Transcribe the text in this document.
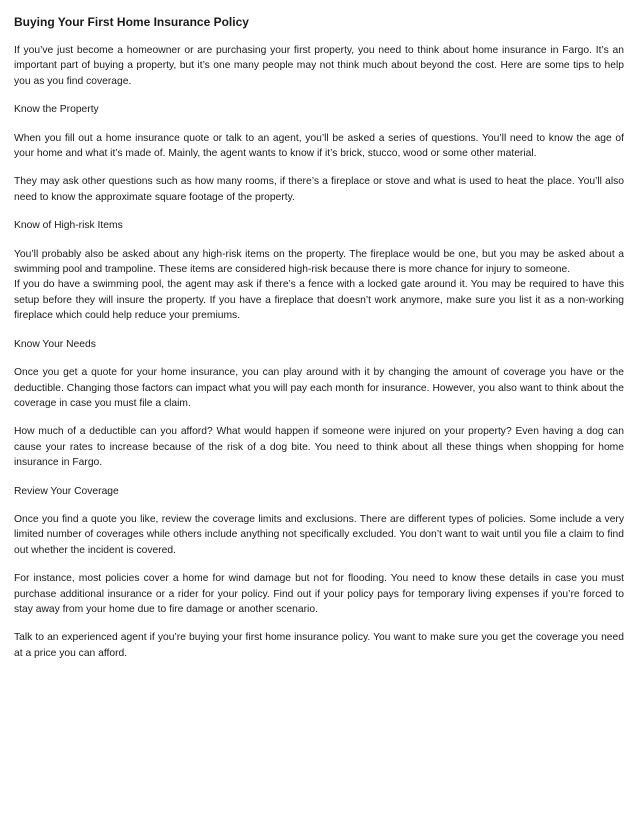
Buying Your First Home Insurance Policy

If you’ve just become a homeowner or are purchasing your first property, you need to think about home insurance in Fargo. It’s an important part of buying a property, but it’s one many people may not think much about beyond the cost. Here are some tips to help you as you find coverage.

Know the Property

When you fill out a home insurance quote or talk to an agent, you’ll be asked a series of questions. You’ll need to know the age of your home and what it’s made of. Mainly, the agent wants to know if it’s brick, stucco, wood or some other material.

They may ask other questions such as how many rooms, if there’s a fireplace or stove and what is used to heat the place. You’ll also need to know the approximate square footage of the property.

Know of High-risk Items

You’ll probably also be asked about any high-risk items on the property. The fireplace would be one, but you may be asked about a swimming pool and trampoline. These items are considered high-risk because there is more chance for injury to someone.

If you do have a swimming pool, the agent may ask if there’s a fence with a locked gate around it. You may be required to have this setup before they will insure the property. If you have a fireplace that doesn’t work anymore, make sure you list it as a non-working fireplace which could help reduce your premiums.

Know Your Needs

Once you get a quote for your home insurance, you can play around with it by changing the amount of coverage you have or the deductible. Changing those factors can impact what you will pay each month for insurance. However, you also want to think about the coverage in case you must file a claim.

How much of a deductible can you afford? What would happen if someone were injured on your property? Even having a dog can cause your rates to increase because of the risk of a dog bite. You need to think about all these things when shopping for home insurance in Fargo.

Review Your Coverage

Once you find a quote you like, review the coverage limits and exclusions. There are different types of policies. Some include a very limited number of coverages while others include anything not specifically excluded. You don’t want to wait until you file a claim to find out whether the incident is covered.

For instance, most policies cover a home for wind damage but not for flooding. You need to know these details in case you must purchase additional insurance or a rider for your policy. Find out if your policy pays for temporary living expenses if you’re forced to stay away from your home due to fire damage or another scenario.

Talk to an experienced agent if you’re buying your first home insurance policy. You want to make sure you get the coverage you need at a price you can afford.
